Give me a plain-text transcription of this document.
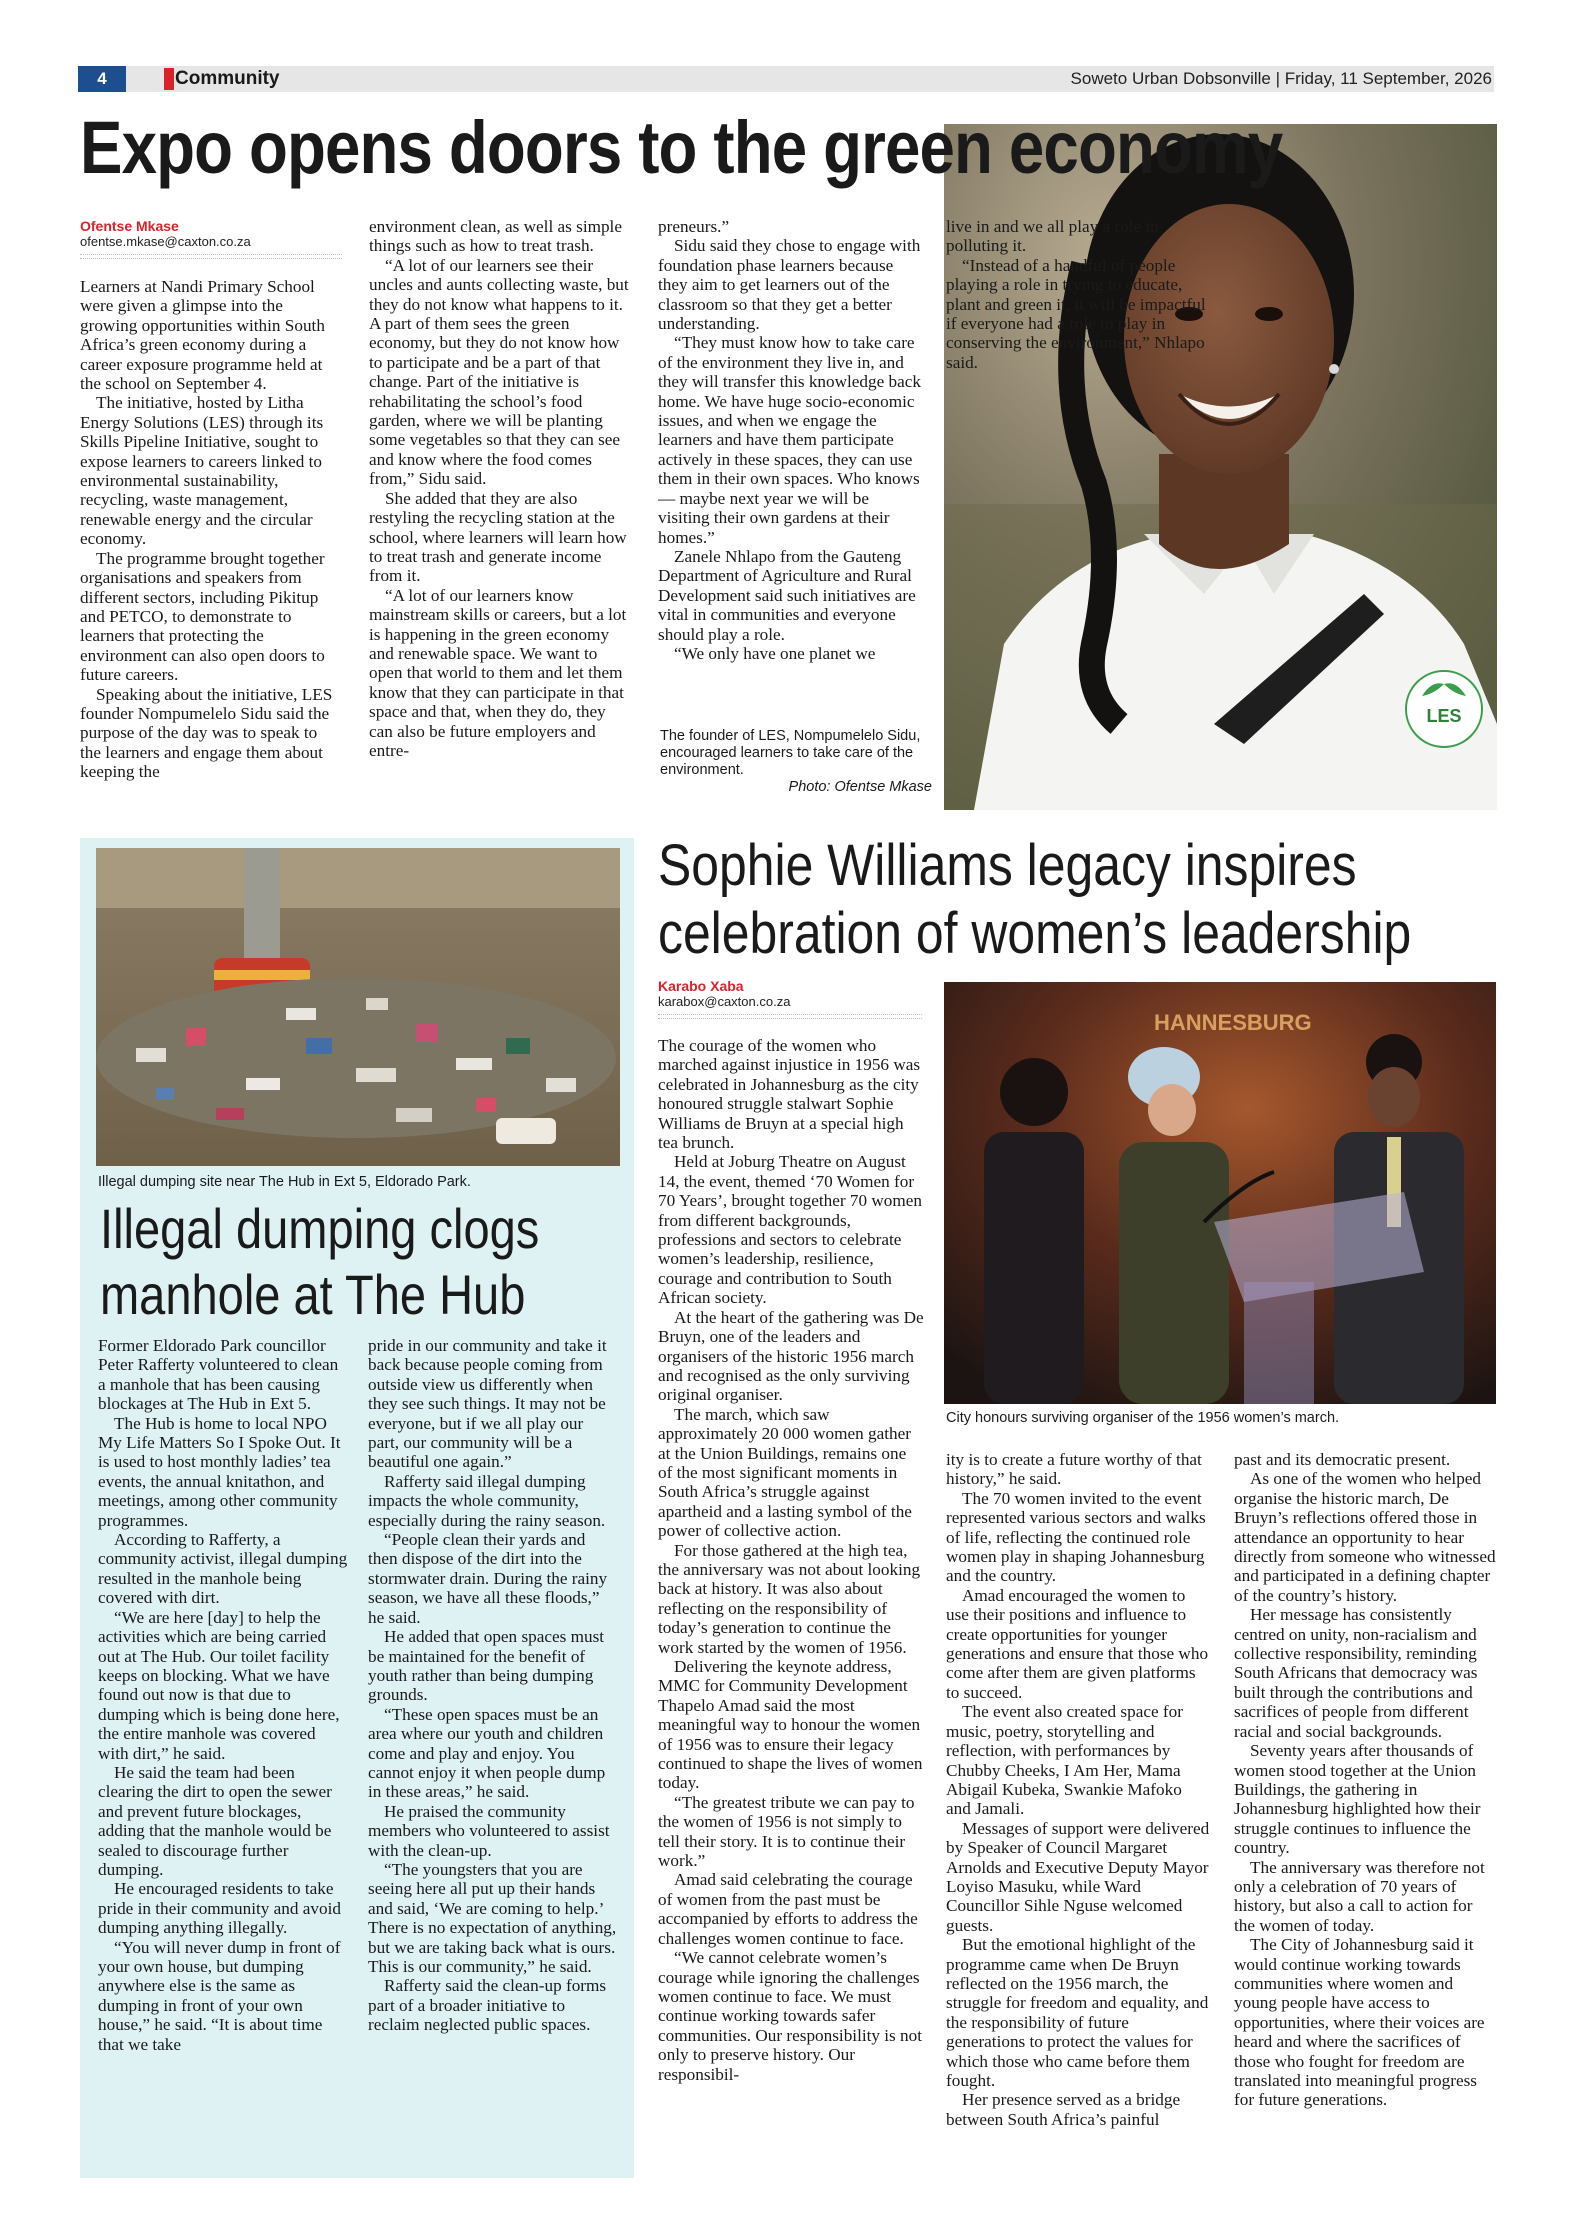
4	Community	Soweto Urban Dobsonville | Friday, 11 September, 2026
LES
Expo opens doors to the green economy
Ofentse Mkase
ofentse.mkase@caxton.co.za

Learners at Nandi Primary School were given a glimpse into the growing opportunities within South Africa’s green economy during a career exposure programme held at the school on September 4.

The initiative, hosted by Litha Energy Solutions (LES) through its Skills Pipeline Initiative, sought to expose learners to careers linked to environmental sustainability, recycling, waste management, renewable energy and the circular economy.

The programme brought together organisations and speakers from different sectors, including Pikitup and PETCO, to demonstrate to learners that protecting the environment can also open doors to future careers.

Speaking about the initiative, LES founder Nompumelelo Sidu said the purpose of the day was to speak to the learners and engage them about keeping the

environment clean, as well as simple things such as how to treat trash.

“A lot of our learners see their uncles and aunts collecting waste, but they do not know what happens to it. A part of them sees the green economy, but they do not know how to participate and be a part of that change. Part of the initiative is rehabilitating the school’s food garden, where we will be planting some vegetables so that they can see and know where the food comes from,” Sidu said.

She added that they are also restyling the recycling station at the school, where learners will learn how to treat trash and generate income from it.

“A lot of our learners know mainstream skills or careers, but a lot is happening in the green economy and renewable space. We want to open that world to them and let them know that they can participate in that space and that, when they do, they can also be future employers and entre-

preneurs.”

Sidu said they chose to engage with foundation phase learners because they aim to get learners out of the classroom so that they get a better understanding.

“They must know how to take care of the environment they live in, and they will transfer this knowledge back home. We have huge socio-economic issues, and when we engage the learners and have them participate actively in these spaces, they can use them in their own spaces. Who knows — maybe next year we will be visiting their own gardens at their homes.”

Zanele Nhlapo from the Gauteng Department of Agriculture and Rural Development said such initiatives are vital in communities and everyone should play a role.

“We only have one planet we

live in and we all play a role in polluting it.

“Instead of a handful of people playing a role in trying to educate, plant and green it, it will be impactful if everyone had a role to play in conserving the environment,” Nhlapo said.

The founder of LES, Nompumelelo Sidu, encouraged learners to take care of the environment.
Photo: Ofentse Mkase
Illegal dumping site near The Hub in Ext 5, Eldorado Park.
Illegal dumping clogs
manhole at The Hub

Former Eldorado Park councillor Peter Rafferty volunteered to clean a manhole that has been causing blockages at The Hub in Ext 5.

The Hub is home to local NPO My Life Matters So I Spoke Out. It is used to host monthly ladies’ tea events, the annual knitathon, and meetings, among other community programmes.

According to Rafferty, a community activist, illegal dumping resulted in the manhole being covered with dirt.

“We are here [day] to help the activities which are being carried out at The Hub. Our toilet facility keeps on blocking. What we have found out now is that due to dumping which is being done here, the entire manhole was covered with dirt,” he said.

He said the team had been clearing the dirt to open the sewer and prevent future blockages, adding that the manhole would be sealed to discourage further dumping.

He encouraged residents to take pride in their community and avoid dumping anything illegally.

“You will never dump in front of your own house, but dumping anywhere else is the same as dumping in front of your own house,” he said. “It is about time that we take

pride in our community and take it back because people coming from outside view us differently when they see such things. It may not be everyone, but if we all play our part, our community will be a beautiful one again.”

Rafferty said illegal dumping impacts the whole community, especially during the rainy season.

“People clean their yards and then dispose of the dirt into the stormwater drain. During the rainy season, we have all these floods,” he said.

He added that open spaces must be maintained for the benefit of youth rather than being dumping grounds.

“These open spaces must be an area where our youth and children come and play and enjoy. You cannot enjoy it when people dump in these areas,” he said.

He praised the community members who volunteered to assist with the clean-up.

“The youngsters that you are seeing here all put up their hands and said, ‘We are coming to help.’ There is no expectation of anything, but we are taking back what is ours. This is our community,” he said.

Rafferty said the clean-up forms part of a broader initiative to reclaim neglected public spaces.

Sophie Williams legacy inspires
celebration of women’s leadership
Karabo Xaba
karabox@caxton.co.za
HANNESBURG
City honours surviving organiser of the 1956 women’s march.

The courage of the women who marched against injustice in 1956 was celebrated in Johannesburg as the city honoured struggle stalwart Sophie Williams de Bruyn at a special high tea brunch.

Held at Joburg Theatre on August 14, the event, themed ‘70 Women for 70 Years’, brought together 70 women from different backgrounds, professions and sectors to celebrate women’s leadership, resilience, courage and contribution to South African society.

At the heart of the gathering was De Bruyn, one of the leaders and organisers of the historic 1956 march and recognised as the only surviving original organiser.

The march, which saw approximately 20 000 women gather at the Union Buildings, remains one of the most significant moments in South Africa’s struggle against apartheid and a lasting symbol of the power of collective action.

For those gathered at the high tea, the anniversary was not about looking back at history. It was also about reflecting on the responsibility of today’s generation to continue the work started by the women of 1956.

Delivering the keynote address, MMC for Community Development Thapelo Amad said the most meaningful way to honour the women of 1956 was to ensure their legacy continued to shape the lives of women today.

“The greatest tribute we can pay to the women of 1956 is not simply to tell their story. It is to continue their work.”

Amad said celebrating the courage of women from the past must be accompanied by efforts to address the challenges women continue to face.

“We cannot celebrate women’s courage while ignoring the challenges women continue to face. We must continue working towards safer communities. Our responsibility is not only to preserve history. Our responsibil-

ity is to create a future worthy of that history,” he said.

The 70 women invited to the event represented various sectors and walks of life, reflecting the continued role women play in shaping Johannesburg and the country.

Amad encouraged the women to use their positions and influence to create opportunities for younger generations and ensure that those who come after them are given platforms to succeed.

The event also created space for music, poetry, storytelling and reflection, with performances by Chubby Cheeks, I Am Her, Mama Abigail Kubeka, Swankie Mafoko and Jamali.

Messages of support were delivered by Speaker of Council Margaret Arnolds and Executive Deputy Mayor Loyiso Masuku, while Ward Councillor Sihle Nguse welcomed guests.

But the emotional highlight of the programme came when De Bruyn reflected on the 1956 march, the struggle for freedom and equality, and the responsibility of future generations to protect the values for which those who came before them fought.

Her presence served as a bridge between South Africa’s painful

past and its democratic present.

As one of the women who helped organise the historic march, De Bruyn’s reflections offered those in attendance an opportunity to hear directly from someone who witnessed and participated in a defining chapter of the country’s history.

Her message has consistently centred on unity, non-racialism and collective responsibility, reminding South Africans that democracy was built through the contributions and sacrifices of people from different racial and social backgrounds.

Seventy years after thousands of women stood together at the Union Buildings, the gathering in Johannesburg highlighted how their struggle continues to influence the country.

The anniversary was therefore not only a celebration of 70 years of history, but also a call to action for the women of today.

The City of Johannesburg said it would continue working towards communities where women and young people have access to opportunities, where their voices are heard and where the sacrifices of those who fought for freedom are translated into meaningful progress for future generations.
